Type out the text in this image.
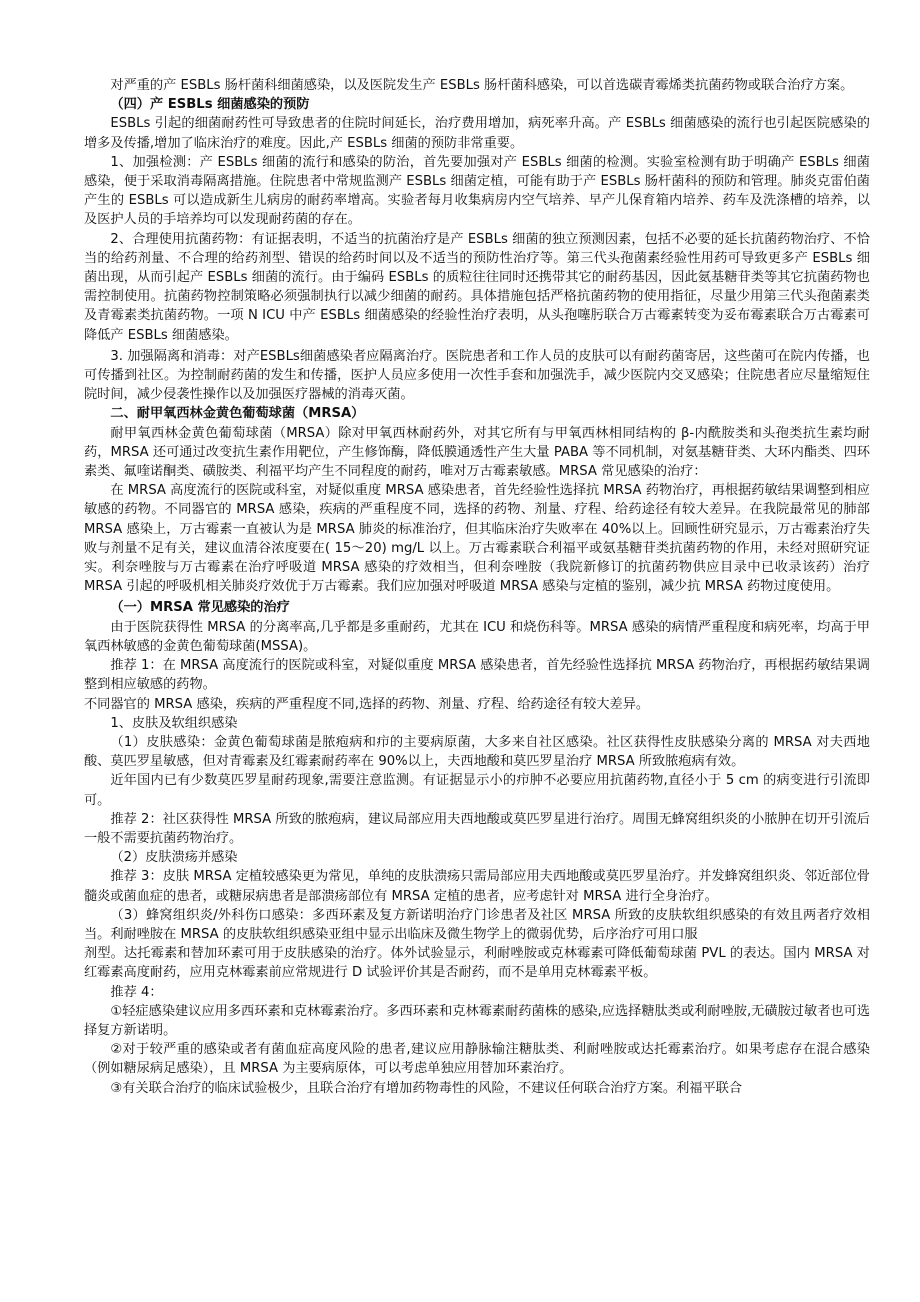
对严重的产 ESBLs 肠杆菌科细菌感染，以及医院发生产 ESBLs 肠杆菌科感染，可以首选碳青霉烯类抗菌药物或联合治疗方案。

（四）产 ESBLs 细菌感染的预防

ESBLs 引起的细菌耐药性可导致患者的住院时间延长，治疗费用增加，病死率升高。产 ESBLs 细菌感染的流行也引起医院感染的增多及传播,增加了临床治疗的难度。因此,产 ESBLs 细菌的预防非常重要。

1、加强检测：产 ESBLs 细菌的流行和感染的防治，首先要加强对产 ESBLs 细菌的检测。实验室检测有助于明确产 ESBLs 细菌感染，便于采取消毒隔离措施。住院患者中常规监测产 ESBLs 细菌定植，可能有助于产 ESBLs 肠杆菌科的预防和管理。肺炎克雷伯菌产生的 ESBLs 可以造成新生儿病房的耐药率增高。实验者每月收集病房内空气培养、早产儿保育箱内培养、药车及洗涤槽的培养，以及医护人员的手培养均可以发现耐药菌的存在。

2、合理使用抗菌药物：有证据表明，不适当的抗菌治疗是产 ESBLs 细菌的独立预测因素，包括不必要的延长抗菌药物治疗、不恰当的给药剂量、不合理的给药剂型、错误的给药时间以及不适当的预防性治疗等。第三代头孢菌素经验性用药可导致更多产 ESBLs 细菌出现，从而引起产 ESBLs 细菌的流行。由于编码 ESBLs 的质粒往往同时还携带其它的耐药基因，因此氨基糖苷类等其它抗菌药物也需控制使用。抗菌药物控制策略必须强制执行以减少细菌的耐药。具体措施包括严格抗菌药物的使用指征，尽量少用第三代头孢菌素类及青霉素类抗菌药物。一项 N ICU 中产 ESBLs 细菌感染的经验性治疗表明，从头孢噻肟联合万古霉素转变为妥布霉素联合万古霉素可降低产 ESBLs 细菌感染。

3. 加强隔离和消毒：对产ESBLs细菌感染者应隔离治疗。医院患者和工作人员的皮肤可以有耐药菌寄居，这些菌可在院内传播，也可传播到社区。为控制耐药菌的发生和传播，医护人员应多使用一次性手套和加强洗手，减少医院内交叉感染；住院患者应尽量缩短住院时间，减少侵袭性操作以及加强医疗器械的消毒灭菌。

二、耐甲氧西林金黄色葡萄球菌（MRSA）

耐甲氧西林金黄色葡萄球菌（MRSA）除对甲氧西林耐药外，对其它所有与甲氧西林相同结构的 β-内酰胺类和头孢类抗生素均耐药，MRSA 还可通过改变抗生素作用靶位，产生修饰酶，降低膜通透性产生大量 PABA 等不同机制，对氨基糖苷类、大环内酯类、四环素类、氟喹诺酮类、磺胺类、利福平均产生不同程度的耐药，唯对万古霉素敏感。MRSA 常见感染的治疗：

在 MRSA 高度流行的医院或科室，对疑似重度 MRSA 感染患者，首先经验性选择抗 MRSA 药物治疗，再根据药敏结果调整到相应敏感的药物。不同器官的 MRSA 感染，疾病的严重程度不同，选择的药物、剂量、疗程、给药途径有较大差异。在我院最常见的肺部 MRSA 感染上，万古霉素一直被认为是 MRSA 肺炎的标准治疗，但其临床治疗失败率在 40%以上。回顾性研究显示，万古霉素治疗失败与剂量不足有关，建议血清谷浓度要在( 15～20) mg/L 以上。万古霉素联合利福平或氨基糖苷类抗菌药物的作用，未经对照研究证实。利奈唑胺与万古霉素在治疗呼吸道 MRSA 感染的疗效相当，但利奈唑胺（我院新修订的抗菌药物供应目录中已收录该药）治疗 MRSA 引起的呼吸机相关肺炎疗效优于万古霉素。我们应加强对呼吸道 MRSA 感染与定植的鉴别，减少抗 MRSA 药物过度使用。

（一）MRSA 常见感染的治疗

由于医院获得性 MRSA 的分离率高,几乎都是多重耐药，尤其在 ICU 和烧伤科等。MRSA 感染的病情严重程度和病死率，均高于甲氧西林敏感的金黄色葡萄球菌(MSSA)。

推荐 1：在 MRSA 高度流行的医院或科室，对疑似重度 MRSA 感染患者，首先经验性选择抗 MRSA 药物治疗，再根据药敏结果调整到相应敏感的药物。

不同器官的 MRSA 感染，疾病的严重程度不同,选择的药物、剂量、疗程、给药途径有较大差异。

1、皮肤及软组织感染

（1）皮肤感染：金黄色葡萄球菌是脓疱病和疖的主要病原菌，大多来自社区感染。社区获得性皮肤感染分离的 MRSA 对夫西地酸、莫匹罗星敏感，但对青霉素及红霉素耐药率在 90%以上，夫西地酸和莫匹罗星治疗 MRSA 所致脓疱病有效。

近年国内已有少数莫匹罗星耐药现象,需要注意监测。有证据显示小的疖肿不必要应用抗菌药物,直径小于 5 cm 的病变进行引流即可。

推荐 2：社区获得性 MRSA 所致的脓疱病，建议局部应用夫西地酸或莫匹罗星进行治疗。周围无蜂窝组织炎的小脓肿在切开引流后一般不需要抗菌药物治疗。

（2）皮肤溃疡并感染

推荐 3：皮肤 MRSA 定植较感染更为常见，单纯的皮肤溃疡只需局部应用夫西地酸或莫匹罗星治疗。并发蜂窝组织炎、邻近部位骨髓炎或菌血症的患者，或糖尿病患者是部溃疡部位有 MRSA 定植的患者，应考虑针对 MRSA 进行全身治疗。

（3）蜂窝组织炎/外科伤口感染：多西环素及复方新诺明治疗门诊患者及社区 MRSA 所致的皮肤软组织感染的有效且两者疗效相当。利耐唑胺在 MRSA 的皮肤软组织感染亚组中显示出临床及微生物学上的微弱优势，后序治疗可用口服

剂型。达托霉素和替加环素可用于皮肤感染的治疗。体外试验显示，利耐唑胺或克林霉素可降低葡萄球菌 PVL 的表达。国内 MRSA 对红霉素高度耐药，应用克林霉素前应常规进行 D 试验评价其是否耐药，而不是单用克林霉素平板。

推荐 4：

①轻症感染建议应用多西环素和克林霉素治疗。多西环素和克林霉素耐药菌株的感染,应选择糖肽类或利耐唑胺,无磺胺过敏者也可选择复方新诺明。

②对于较严重的感染或者有菌血症高度风险的患者,建议应用静脉输注糖肽类、利耐唑胺或达托霉素治疗。如果考虑存在混合感染（例如糖尿病足感染），且 MRSA 为主要病原体，可以考虑单独应用替加环素治疗。

③有关联合治疗的临床试验极少，且联合治疗有增加药物毒性的风险，不建议任何联合治疗方案。利福平联合
